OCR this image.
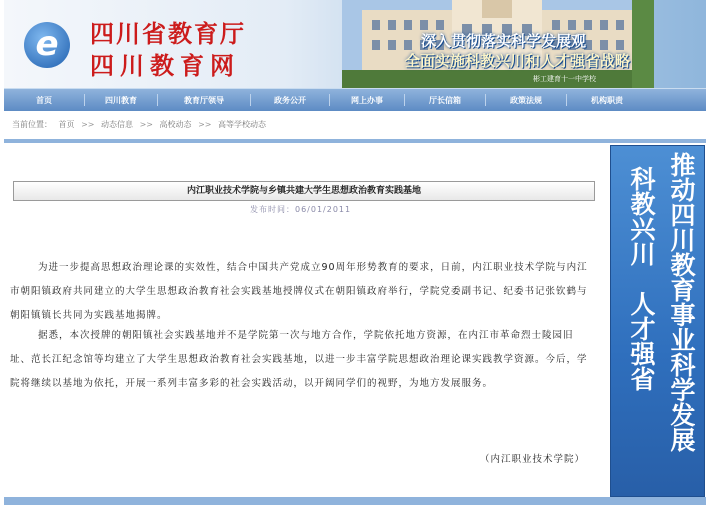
e	四川省教育厅
四川教育网
深入贯彻落实科学发展观
全面实施科教兴川和人才强省战略
彬工建育十一中学校
首页	四川教育	教育厅领导	政务公开	网上办事	厅长信箱	政策法规	机构职责
当前位置： 首页 >> 动态信息 >> 高校动态 >> 高等学校动态
内江职业技术学院与乡镇共建大学生思想政治教育实践基地
发布时间：06/01/2011
为进一步提高思想政治理论课的实效性，结合中国共产党成立90周年形势教育的要求，日前，内江职业技术学院与内江市朝阳镇政府共同建立的大学生思想政治教育社会实践基地授牌仪式在朝阳镇政府举行，学院党委副书记、纪委书记张钦鹤与朝阳镇镇长共同为实践基地揭牌。
据悉，本次授牌的朝阳镇社会实践基地并不是学院第一次与地方合作，学院依托地方资源，在内江市革命烈士陵园旧址、范长江纪念馆等均建立了大学生思想政治教育社会实践基地，以进一步丰富学院思想政治理论课实践教学资源。今后，学院将继续以基地为依托，开展一系列丰富多彩的社会实践活动，以开阔同学们的视野，为地方发展服务。
（内江职业技术学院）
推动四川教育事业科学发展
科教兴川　人才强省
